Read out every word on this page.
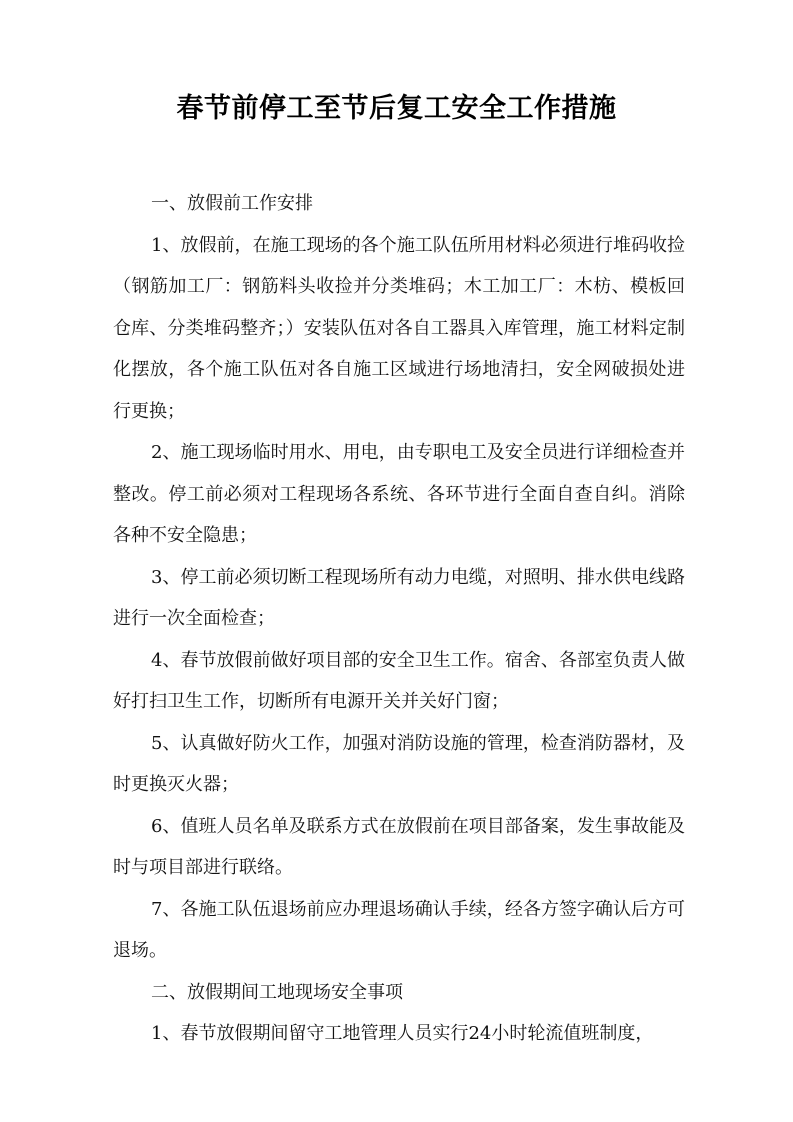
春节前停工至节后复工安全工作措施

一、放假前工作安排

1、放假前，在施工现场的各个施工队伍所用材料必须进行堆码收捡（钢筋加工厂：钢筋料头收捡并分类堆码；木工加工厂：木枋、模板回仓库、分类堆码整齐；）安装队伍对各自工器具入库管理，施工材料定制化摆放，各个施工队伍对各自施工区域进行场地清扫，安全网破损处进行更换；

2、施工现场临时用水、用电，由专职电工及安全员进行详细检查并整改。停工前必须对工程现场各系统、各环节进行全面自查自纠。消除各种不安全隐患；

3、停工前必须切断工程现场所有动力电缆，对照明、排水供电线路进行一次全面检查；

4、春节放假前做好项目部的安全卫生工作。宿舍、各部室负责人做好打扫卫生工作，切断所有电源开关并关好门窗；

5、认真做好防火工作，加强对消防设施的管理，检查消防器材，及时更换灭火器；

6、值班人员名单及联系方式在放假前在项目部备案，发生事故能及时与项目部进行联络。

7、各施工队伍退场前应办理退场确认手续，经各方签字确认后方可退场。

二、放假期间工地现场安全事项

1、春节放假期间留守工地管理人员实行24小时轮流值班制度，
